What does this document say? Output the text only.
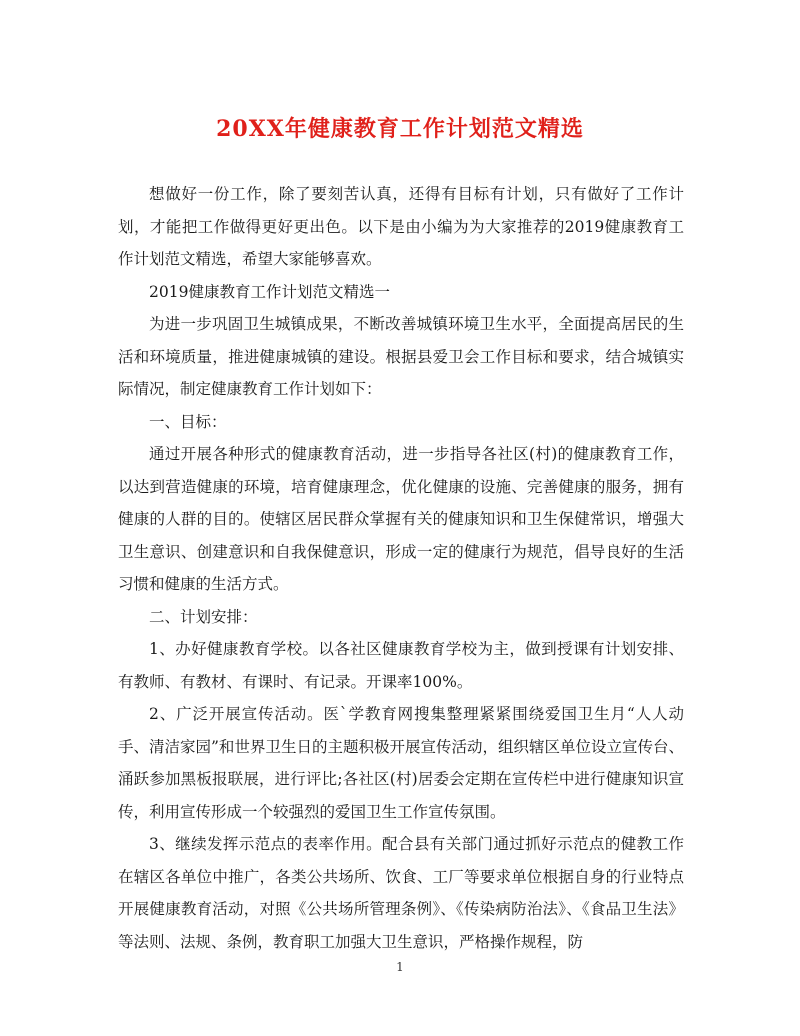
20XX年健康教育工作计划范文精选

想做好一份工作，除了要刻苦认真，还得有目标有计划，只有做好了工作计划，才能把工作做得更好更出色。以下是由小编为为大家推荐的2019健康教育工作计划范文精选，希望大家能够喜欢。

2019健康教育工作计划范文精选一

为进一步巩固卫生城镇成果，不断改善城镇环境卫生水平，全面提高居民的生活和环境质量，推进健康城镇的建设。根据县爱卫会工作目标和要求，结合城镇实际情况，制定健康教育工作计划如下：

一、目标：

通过开展各种形式的健康教育活动，进一步指导各社区(村)的健康教育工作，以达到营造健康的环境，培育健康理念，优化健康的设施、完善健康的服务，拥有健康的人群的目的。使辖区居民群众掌握有关的健康知识和卫生保健常识，增强大卫生意识、创建意识和自我保健意识，形成一定的健康行为规范，倡导良好的生活习惯和健康的生活方式。

二、计划安排：

1、办好健康教育学校。以各社区健康教育学校为主，做到授课有计划安排、有教师、有教材、有课时、有记录。开课率100%。

2、广泛开展宣传活动。医`学教育网搜集整理紧紧围绕爱国卫生月“人人动手、清洁家园”和世界卫生日的主题积极开展宣传活动，组织辖区单位设立宣传台、涌跃参加黑板报联展，进行评比;各社区(村)居委会定期在宣传栏中进行健康知识宣传，利用宣传形成一个较强烈的爱国卫生工作宣传氛围。

3、继续发挥示范点的表率作用。配合县有关部门通过抓好示范点的健教工作在辖区各单位中推广，各类公共场所、饮食、工厂等要求单位根据自身的行业特点开展健康教育活动，对照《公共场所管理条例》、《传染病防治法》、《食品卫生法》等法则、法规、条例，教育职工加强大卫生意识，严格操作规程，防

1
